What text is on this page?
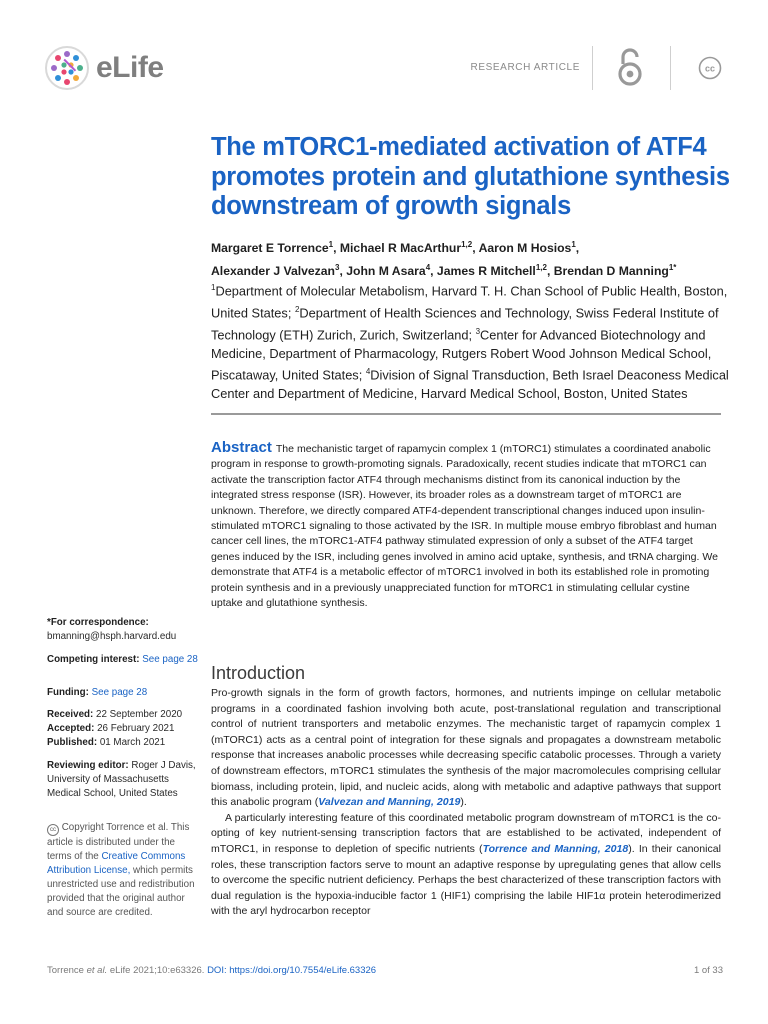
eLife	RESEARCH ARTICLE	cc
The mTORC1-mediated activation of ATF4 promotes protein and glutathione synthesis downstream of growth signals
Margaret E Torrence$^1$, Michael R MacArthur$^{1,2}$, Aaron M Hosios$^1$,
Alexander J Valvezan$^3$, John M Asara$^4$, James R Mitchell$^{1,2}$, Brendan D Manning$^{1*}$
$^1$Department of Molecular Metabolism, Harvard T. H. Chan School of Public Health, Boston, United States; $^2$Department of Health Sciences and Technology, Swiss Federal Institute of Technology (ETH) Zurich, Zurich, Switzerland; $^3$Center for Advanced Biotechnology and Medicine, Department of Pharmacology, Rutgers Robert Wood Johnson Medical School, Piscataway, United States; $^4$Division of Signal Transduction, Beth Israel Deaconess Medical Center and Department of Medicine, Harvard Medical School, Boston, United States
Abstract The mechanistic target of rapamycin complex 1 (mTORC1) stimulates a coordinated anabolic program in response to growth-promoting signals. Paradoxically, recent studies indicate that mTORC1 can activate the transcription factor ATF4 through mechanisms distinct from its canonical induction by the integrated stress response (ISR). However, its broader roles as a downstream target of mTORC1 are unknown. Therefore, we directly compared ATF4-dependent transcriptional changes induced upon insulin-stimulated mTORC1 signaling to those activated by the ISR. In multiple mouse embryo fibroblast and human cancer cell lines, the mTORC1-ATF4 pathway stimulated expression of only a subset of the ATF4 target genes induced by the ISR, including genes involved in amino acid uptake, synthesis, and tRNA charging. We demonstrate that ATF4 is a metabolic effector of mTORC1 involved in both its established role in promoting protein synthesis and in a previously unappreciated function for mTORC1 in stimulating cellular cystine uptake and glutathione synthesis.
*For correspondence:
bmanning@hsph.harvard.edu
Competing interest: See page 28
Funding: See page 28
Received: 22 September 2020
Accepted: 26 February 2021
Published: 01 March 2021
Reviewing editor: Roger J Davis, University of Massachusetts Medical School, United States
cc Copyright Torrence et al. This article is distributed under the terms of the Creative Commons Attribution License, which permits unrestricted use and redistribution provided that the original author and source are credited.
Introduction

Pro-growth signals in the form of growth factors, hormones, and nutrients impinge on cellular metabolic programs in a coordinated fashion involving both acute, post-translational regulation and transcriptional control of nutrient transporters and metabolic enzymes. The mechanistic target of rapamycin complex 1 (mTORC1) acts as a central point of integration for these signals and propagates a downstream metabolic response that increases anabolic processes while decreasing specific catabolic processes. Through a variety of downstream effectors, mTORC1 stimulates the synthesis of the major macromolecules comprising cellular biomass, including protein, lipid, and nucleic acids, along with metabolic and adaptive pathways that support this anabolic program (Valvezan and Manning, 2019).

A particularly interesting feature of this coordinated metabolic program downstream of mTORC1 is the co-opting of key nutrient-sensing transcription factors that are established to be activated, independent of mTORC1, in response to depletion of specific nutrients (Torrence and Manning, 2018). In their canonical roles, these transcription factors serve to mount an adaptive response by upregulating genes that allow cells to overcome the specific nutrient deficiency. Perhaps the best characterized of these transcription factors with dual regulation is the hypoxia-inducible factor 1 (HIF1) comprising the labile HIF1α protein heterodimerized with the aryl hydrocarbon receptor

Torrence et al. eLife 2021;10:e63326. DOI: https://doi.org/10.7554/eLife.63326	1 of 33
